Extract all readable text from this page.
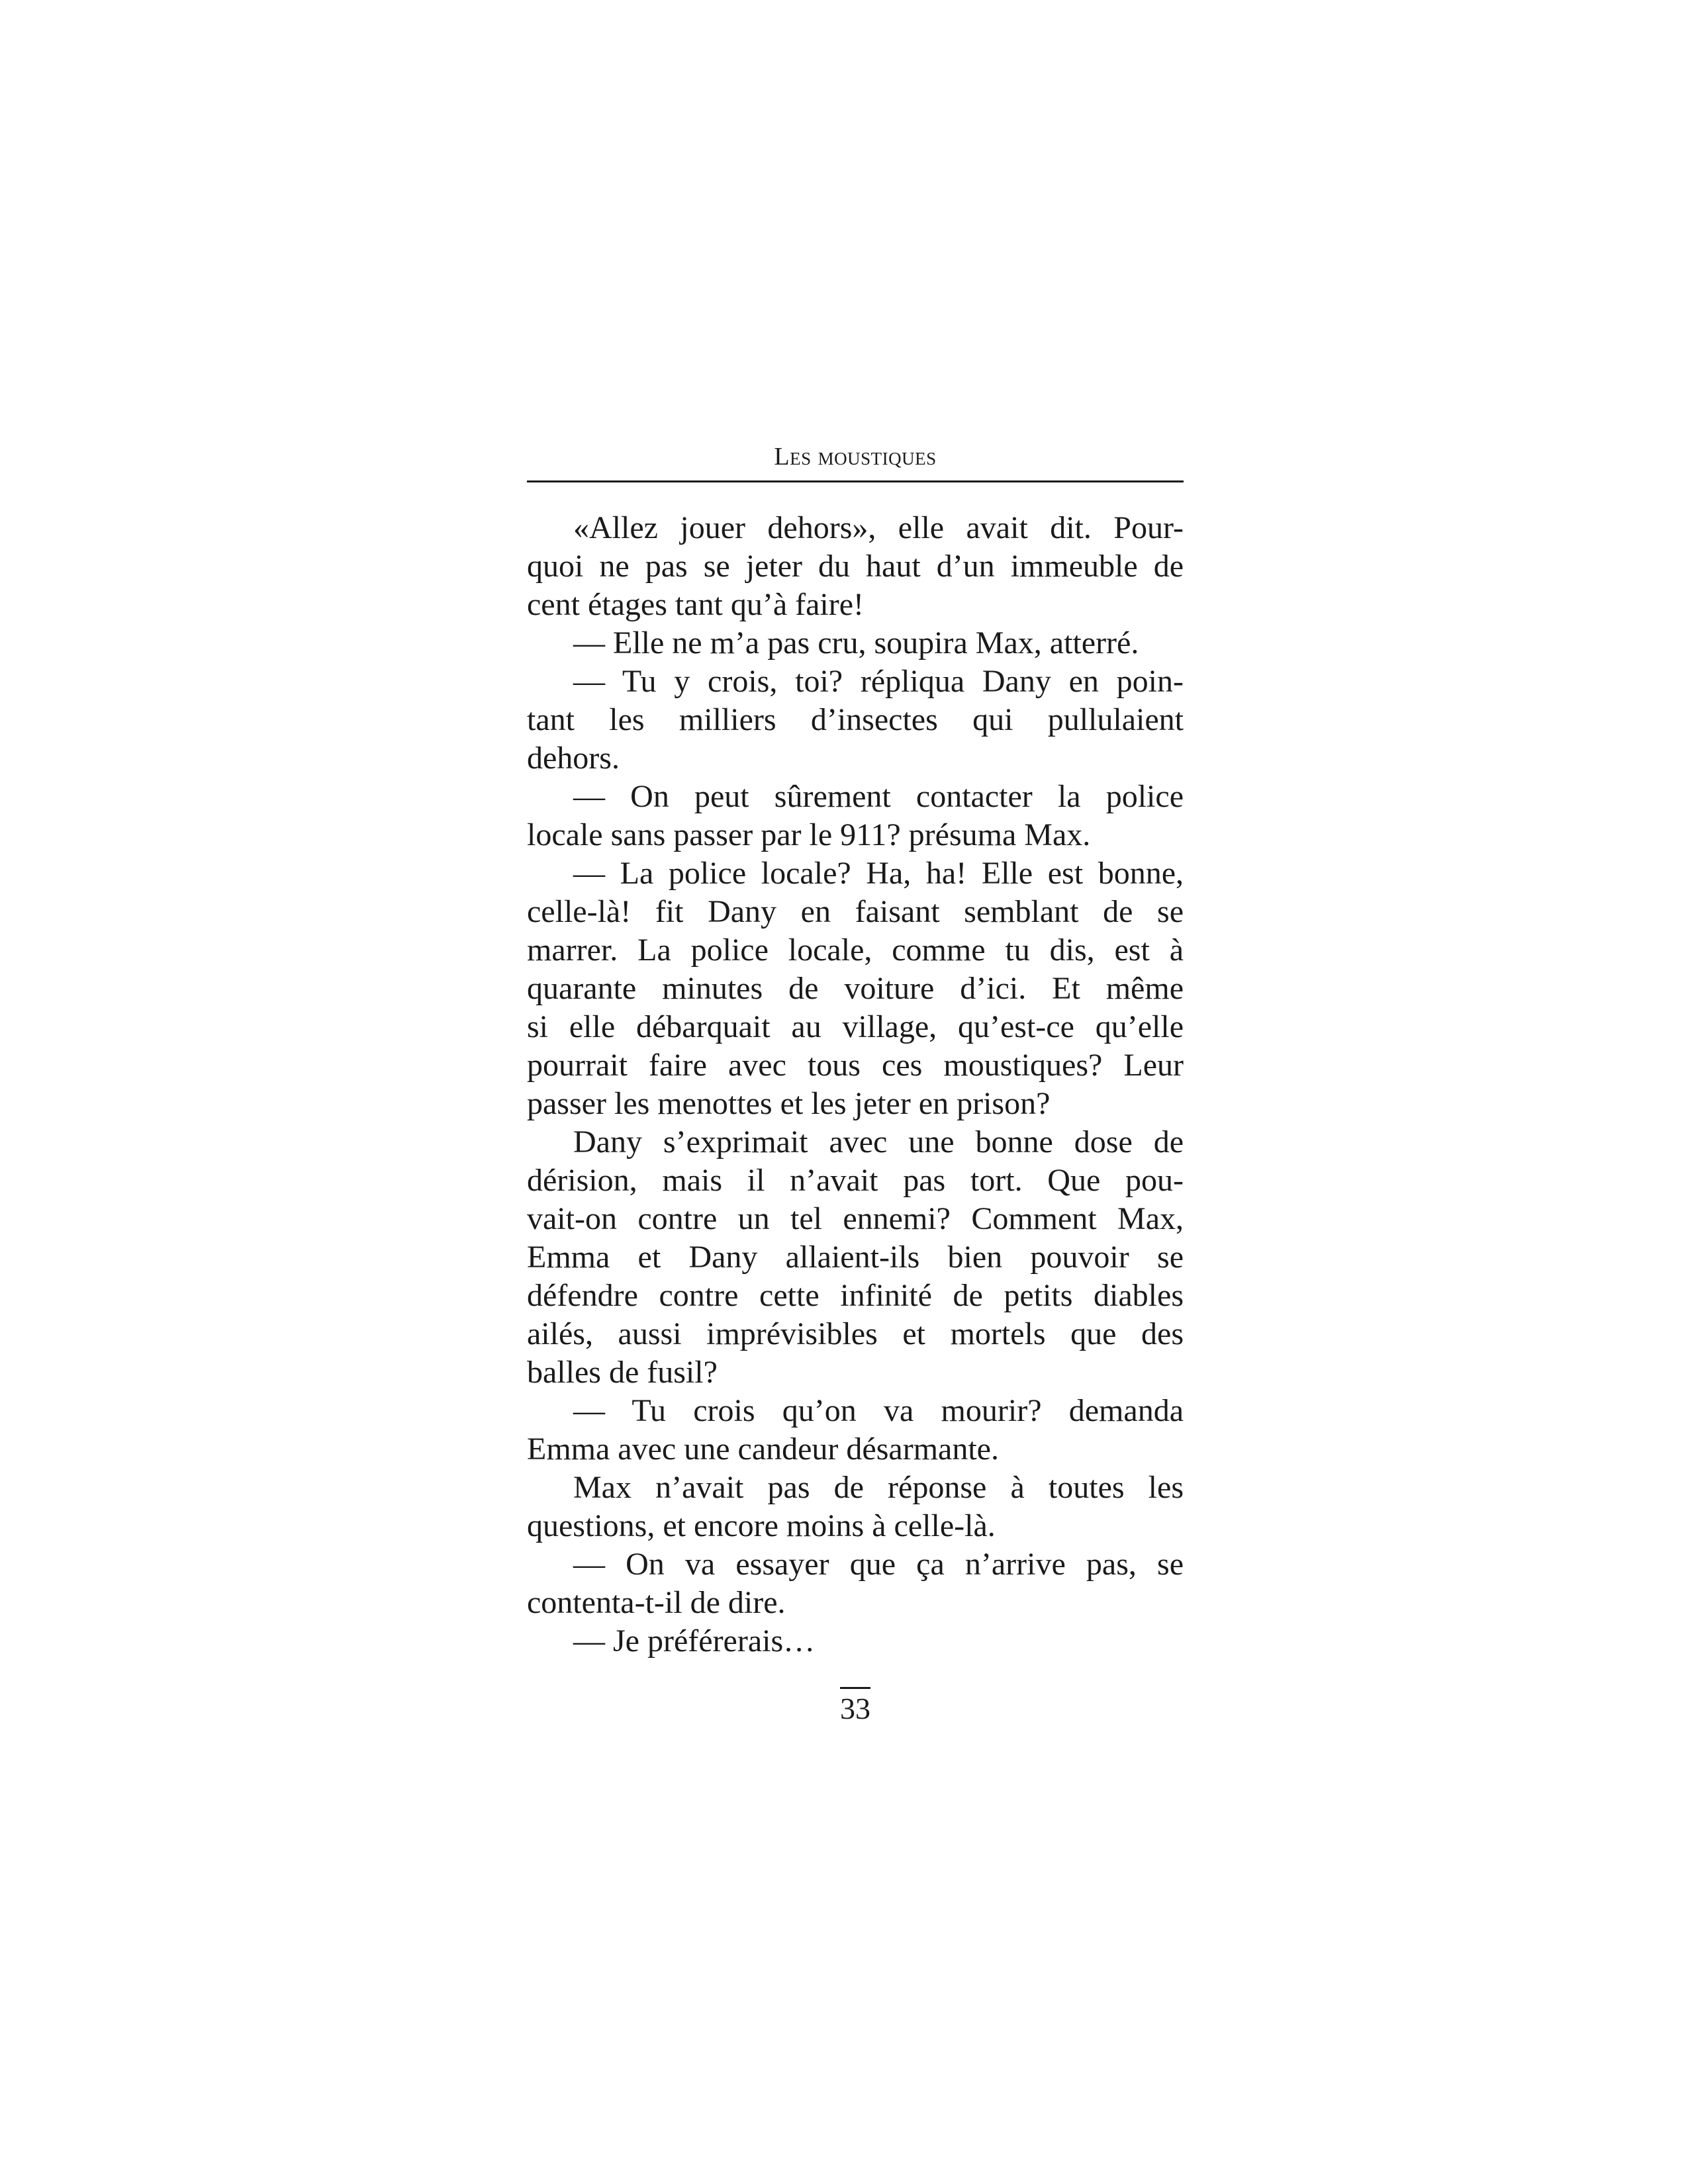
Les moustiques
«Allez jouer dehors», elle avait dit. Pour-
quoi ne pas se jeter du haut d’un immeuble de
cent étages tant qu’à faire!
— Elle ne m’a pas cru, soupira Max, atterré.
— Tu y crois, toi? répliqua Dany en poin-
tant les milliers d’insectes qui pullulaient
dehors.
— On peut sûrement contacter la police
locale sans passer par le 911? présuma Max.
— La police locale? Ha, ha! Elle est bonne,
celle-là! fit Dany en faisant semblant de se
marrer. La police locale, comme tu dis, est à
quarante minutes de voiture d’ici. Et même
si elle débarquait au village, qu’est-ce qu’elle
pourrait faire avec tous ces moustiques? Leur
passer les menottes et les jeter en prison?
Dany s’exprimait avec une bonne dose de
dérision, mais il n’avait pas tort. Que pou-
vait-on contre un tel ennemi? Comment Max,
Emma et Dany allaient-ils bien pouvoir se
défendre contre cette infinité de petits diables
ailés, aussi imprévisibles et mortels que des
balles de fusil?
— Tu crois qu’on va mourir? demanda
Emma avec une candeur désarmante.
Max n’avait pas de réponse à toutes les
questions, et encore moins à celle-là.
— On va essayer que ça n’arrive pas, se
contenta-t-il de dire.
— Je préférerais…
33
